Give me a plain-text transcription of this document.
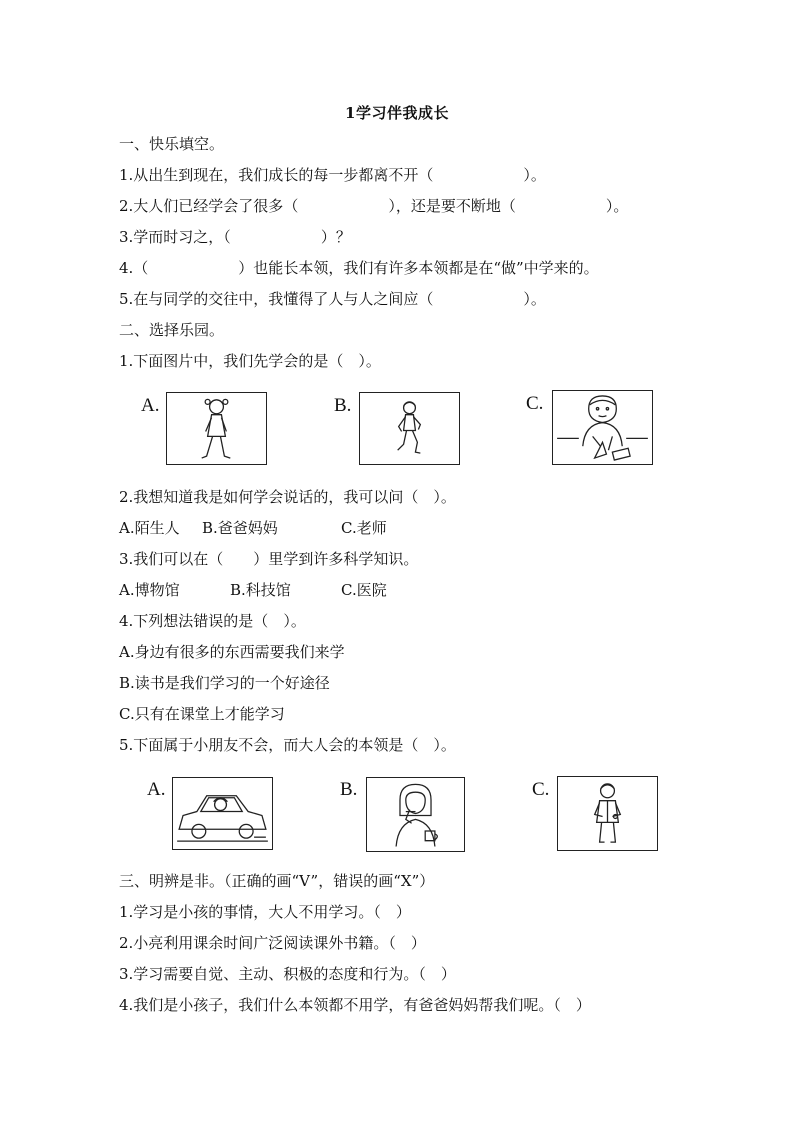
1学习伴我成长
一、快乐填空。
1.从出生到现在，我们成长的每一步都离不开（　　　　　　）。
2.大人们已经学会了很多（　　　　　　），还是要不断地（　　　　　　）。
3.学而时习之，（　　　　　　）？
4.（　　　　　　）也能长本领，我们有许多本领都是在“做”中学来的。
5.在与同学的交往中，我懂得了人与人之间应（　　　　　　）。
二、选择乐园。
1.下面图片中，我们先学会的是（　）。
A.	B.	C.
2.我想知道我是如何学会说话的，我可以问（　）。
A.陌生人 B.爸爸妈妈	C.老师
3.我们可以在（　　）里学到许多科学知识。
A.博物馆	B.科技馆	C.医院
4.下列想法错误的是（　）。
A.身边有很多的东西需要我们来学
B.读书是我们学习的一个好途径
C.只有在课堂上才能学习
5.下面属于小朋友不会，而大人会的本领是（　）。
A.	B.	C.
三、明辨是非。（正确的画“V”，错误的画“X”）
1.学习是小孩的事情，大人不用学习。（　）
2.小亮利用课余时间广泛阅读课外书籍。（　）
3.学习需要自觉、主动、积极的态度和行为。（　）
4.我们是小孩子，我们什么本领都不用学，有爸爸妈妈帮我们呢。（　）
